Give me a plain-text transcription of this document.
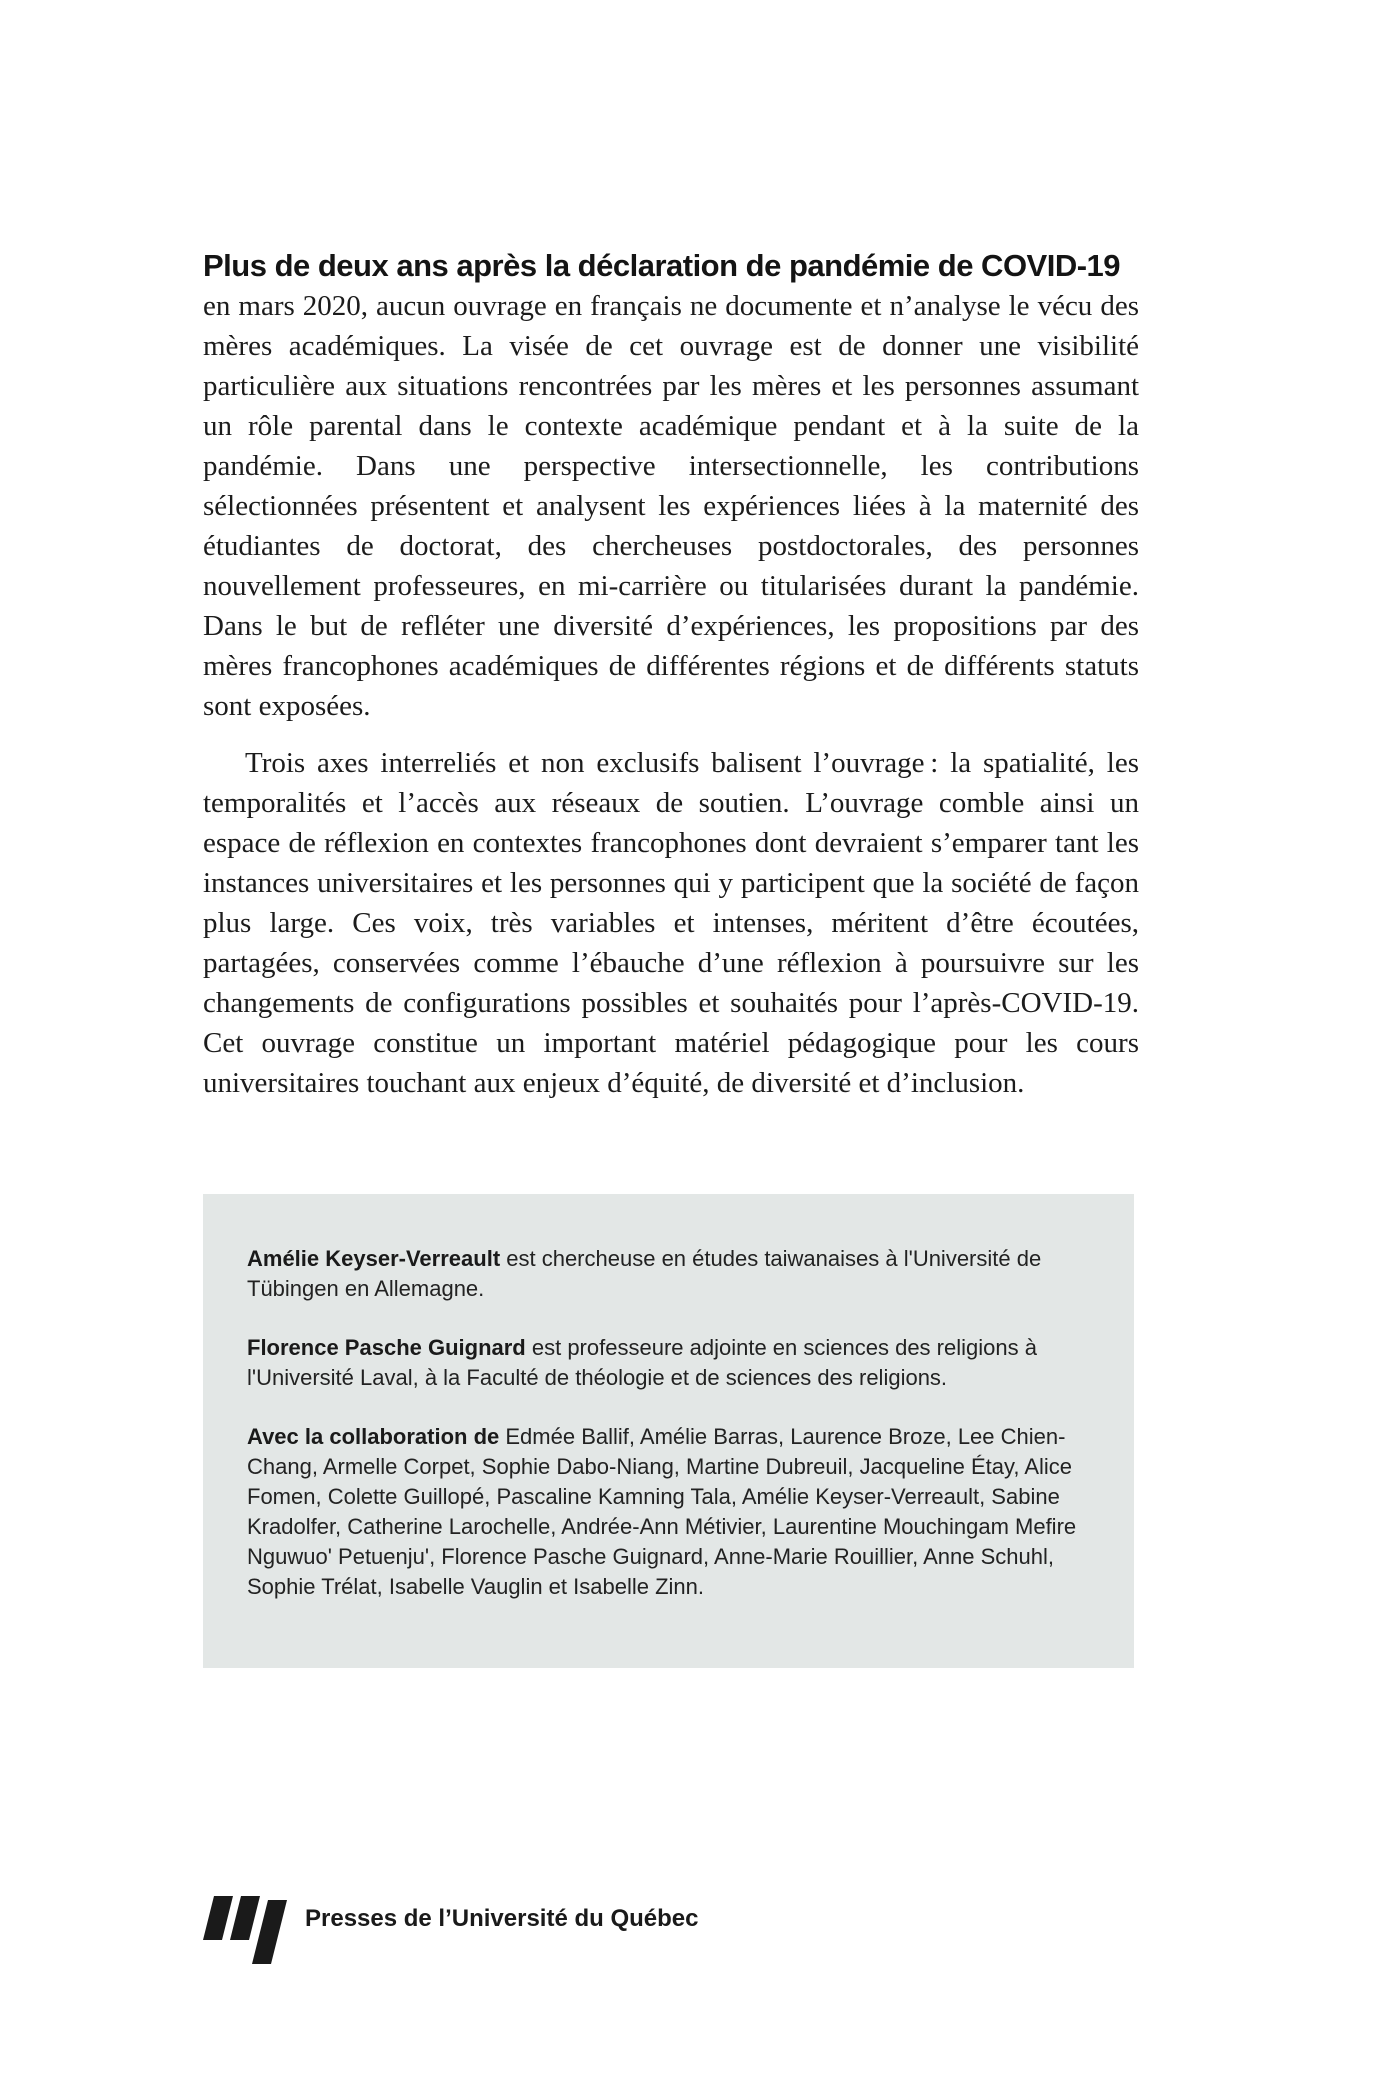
Plus de deux ans après la déclaration de pandémie de COVID-19
en mars 2020, aucun ouvrage en français ne documente et n’analyse le vécu des mères académiques. La visée de cet ouvrage est de donner une visibilité particulière aux situations rencontrées par les mères et les personnes assumant un rôle parental dans le contexte académique pendant et à la suite de la pandémie. Dans une perspective intersectionnelle, les contributions sélectionnées présentent et analysent les expériences liées à la maternité des étudiantes de doctorat, des chercheuses postdoctorales, des personnes nouvellement professeures, en mi-carrière ou titularisées durant la pandémie. Dans le but de refléter une diversité d’expériences, les propositions par des mères francophones académiques de différentes régions et de différents statuts sont exposées.

Trois axes interreliés et non exclusifs balisent l’ouvrage : la spatialité, les temporalités et l’accès aux réseaux de soutien. L’ouvrage comble ainsi un espace de réflexion en contextes francophones dont devraient s’emparer tant les instances universitaires et les personnes qui y participent que la société de façon plus large. Ces voix, très variables et intenses, méritent d’être écoutées, partagées, conservées comme l’ébauche d’une réflexion à poursuivre sur les changements de configurations possibles et souhaités pour l’après-COVID-19. Cet ouvrage constitue un important matériel pédagogique pour les cours universitaires touchant aux enjeux d’équité, de diversité et d’inclusion.

Amélie Keyser-Verreault est chercheuse en études taiwanaises à l'Université de Tübingen en Allemagne.

Florence Pasche Guignard est professeure adjointe en sciences des religions à l'Université Laval, à la Faculté de théologie et de sciences des religions.

Avec la collaboration de Edmée Ballif, Amélie Barras, Laurence Broze, Lee Chien-Chang, Armelle Corpet, Sophie Dabo-Niang, Martine Dubreuil, Jacqueline Étay, Alice Fomen, Colette Guillopé, Pascaline Kamning Tala, Amélie Keyser-Verreault, Sabine Kradolfer, Catherine Larochelle, Andrée-Ann Métivier, Laurentine Mouchingam Mefire Nguwuo' Petuenju', Florence Pasche Guignard, Anne-Marie Rouillier, Anne Schuhl, Sophie Trélat, Isabelle Vauglin et Isabelle Zinn.

Presses de l’Université du Québec
